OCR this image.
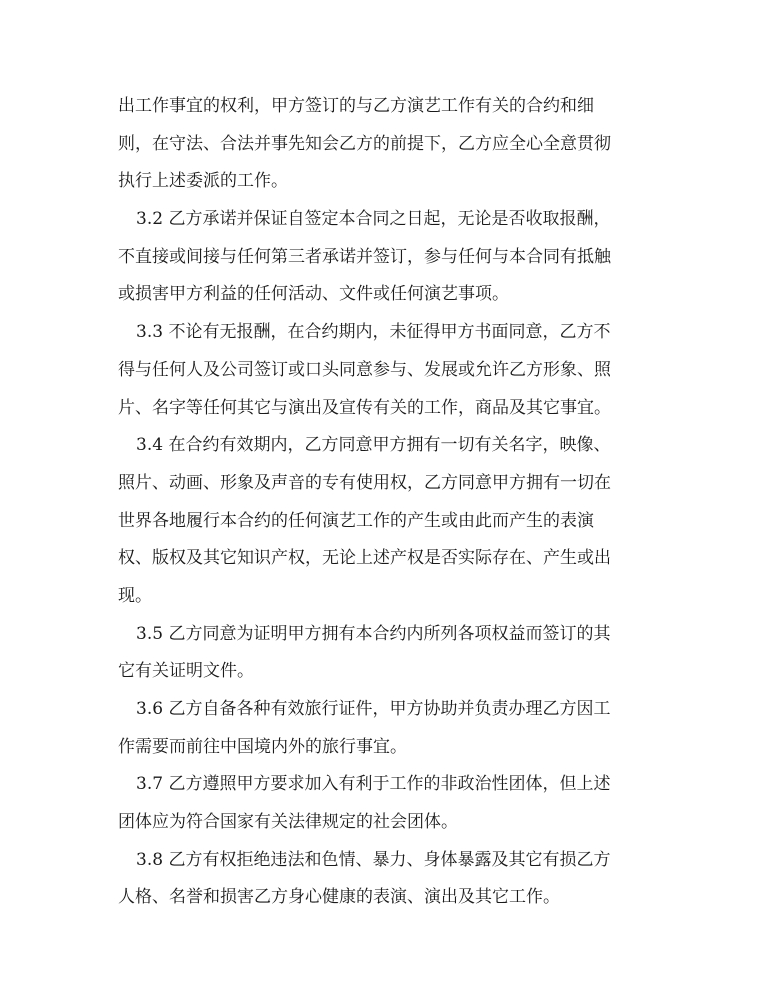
出工作事宜的权利，甲方签订的与乙方演艺工作有关的合约和细
则，在守法、合法并事先知会乙方的前提下，乙方应全心全意贯彻
执行上述委派的工作。
3.2 乙方承诺并保证自签定本合同之日起，无论是否收取报酬，
不直接或间接与任何第三者承诺并签订，参与任何与本合同有抵触
或损害甲方利益的任何活动、文件或任何演艺事项。
3.3 不论有无报酬，在合约期内，未征得甲方书面同意，乙方不
得与任何人及公司签订或口头同意参与、发展或允许乙方形象、照
片、名字等任何其它与演出及宣传有关的工作，商品及其它事宜。
3.4 在合约有效期内，乙方同意甲方拥有一切有关名字，映像、
照片、动画、形象及声音的专有使用权，乙方同意甲方拥有一切在
世界各地履行本合约的任何演艺工作的产生或由此而产生的表演
权、版权及其它知识产权，无论上述产权是否实际存在、产生或出
现。
3.5 乙方同意为证明甲方拥有本合约内所列各项权益而签订的其
它有关证明文件。
3.6 乙方自备各种有效旅行证件，甲方协助并负责办理乙方因工
作需要而前往中国境内外的旅行事宜。
3.7 乙方遵照甲方要求加入有利于工作的非政治性团体，但上述
团体应为符合国家有关法律规定的社会团体。
3.8 乙方有权拒绝违法和色情、暴力、身体暴露及其它有损乙方
人格、名誉和损害乙方身心健康的表演、演出及其它工作。
